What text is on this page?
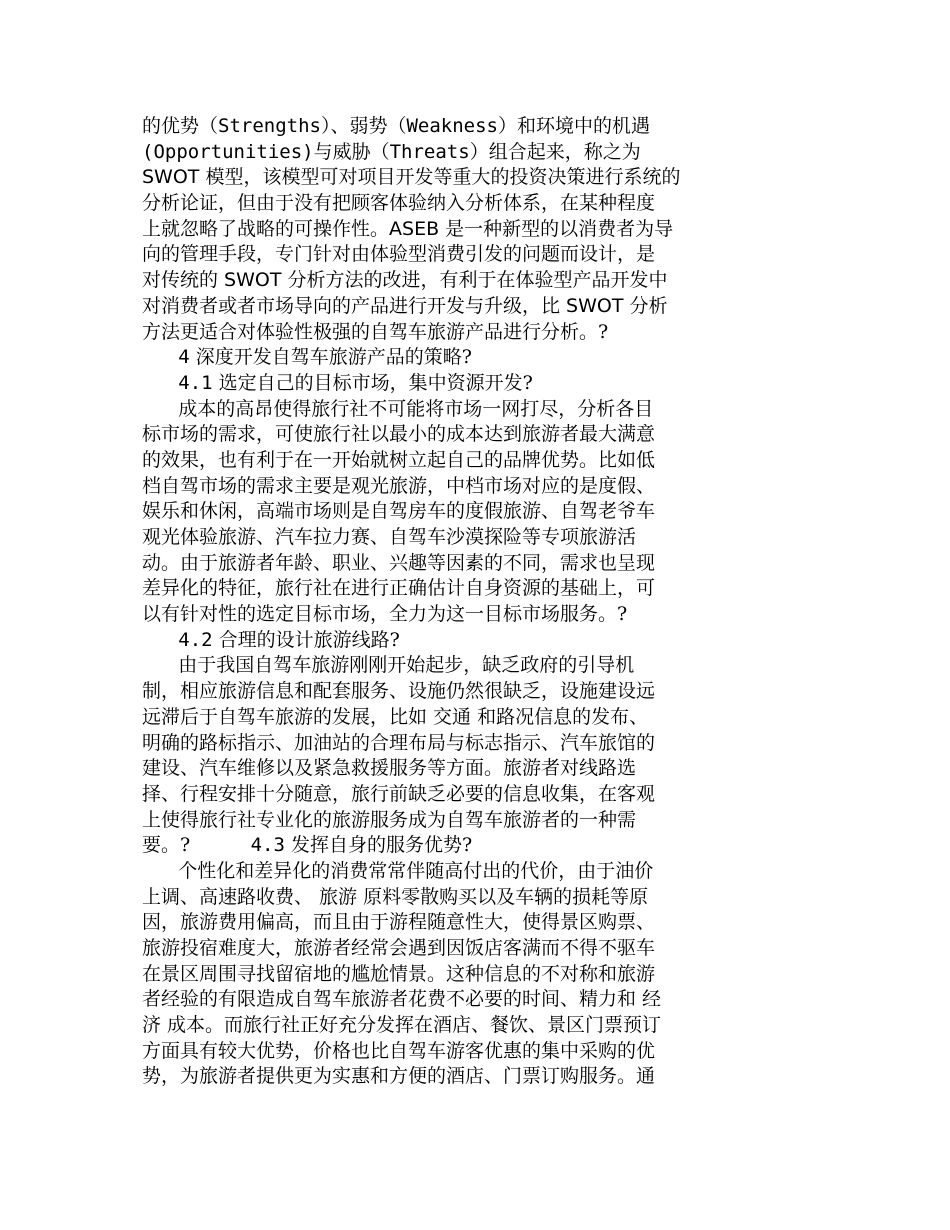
的优势（Strengths）、弱势（Weakness）和环境中的机遇
(Opportunities)与威胁（Threats）组合起来，称之为
SWOT 模型，该模型可对项目开发等重大的投资决策进行系统的
分析论证，但由于没有把顾客体验纳入分析体系，在某种程度
上就忽略了战略的可操作性。ASEB 是一种新型的以消费者为导
向的管理手段，专门针对由体验型消费引发的问题而设计，是
对传统的 SWOT 分析方法的改进，有利于在体验型产品开发中
对消费者或者市场导向的产品进行开发与升级，比 SWOT 分析
方法更适合对体验性极强的自驾车旅游产品进行分析。?
4 深度开发自驾车旅游产品的策略?
4.1 选定自己的目标市场，集中资源开发?
成本的高昂使得旅行社不可能将市场一网打尽，分析各目
标市场的需求，可使旅行社以最小的成本达到旅游者最大满意
的效果，也有利于在一开始就树立起自己的品牌优势。比如低
档自驾市场的需求主要是观光旅游，中档市场对应的是度假、
娱乐和休闲，高端市场则是自驾房车的度假旅游、自驾老爷车
观光体验旅游、汽车拉力赛、自驾车沙漠探险等专项旅游活
动。由于旅游者年龄、职业、兴趣等因素的不同，需求也呈现
差异化的特征，旅行社在进行正确估计自身资源的基础上，可
以有针对性的选定目标市场，全力为这一目标市场服务。?
4.2 合理的设计旅游线路?
由于我国自驾车旅游刚刚开始起步，缺乏政府的引导机
制，相应旅游信息和配套服务、设施仍然很缺乏，设施建设远
远滞后于自驾车旅游的发展，比如 交通 和路况信息的发布、
明确的路标指示、加油站的合理布局与标志指示、汽车旅馆的
建设、汽车维修以及紧急救援服务等方面。旅游者对线路选
择、行程安排十分随意，旅行前缺乏必要的信息收集，在客观
上使得旅行社专业化的旅游服务成为自驾车旅游者的一种需
要。?          4.3 发挥自身的服务优势?
个性化和差异化的消费常常伴随高付出的代价，由于油价
上调、高速路收费、 旅游 原料零散购买以及车辆的损耗等原
因，旅游费用偏高，而且由于游程随意性大，使得景区购票、
旅游投宿难度大，旅游者经常会遇到因饭店客满而不得不驱车
在景区周围寻找留宿地的尴尬情景。这种信息的不对称和旅游
者经验的有限造成自驾车旅游者花费不必要的时间、精力和 经
济 成本。而旅行社正好充分发挥在酒店、餐饮、景区门票预订
方面具有较大优势，价格也比自驾车游客优惠的集中采购的优
势，为旅游者提供更为实惠和方便的酒店、门票订购服务。通
